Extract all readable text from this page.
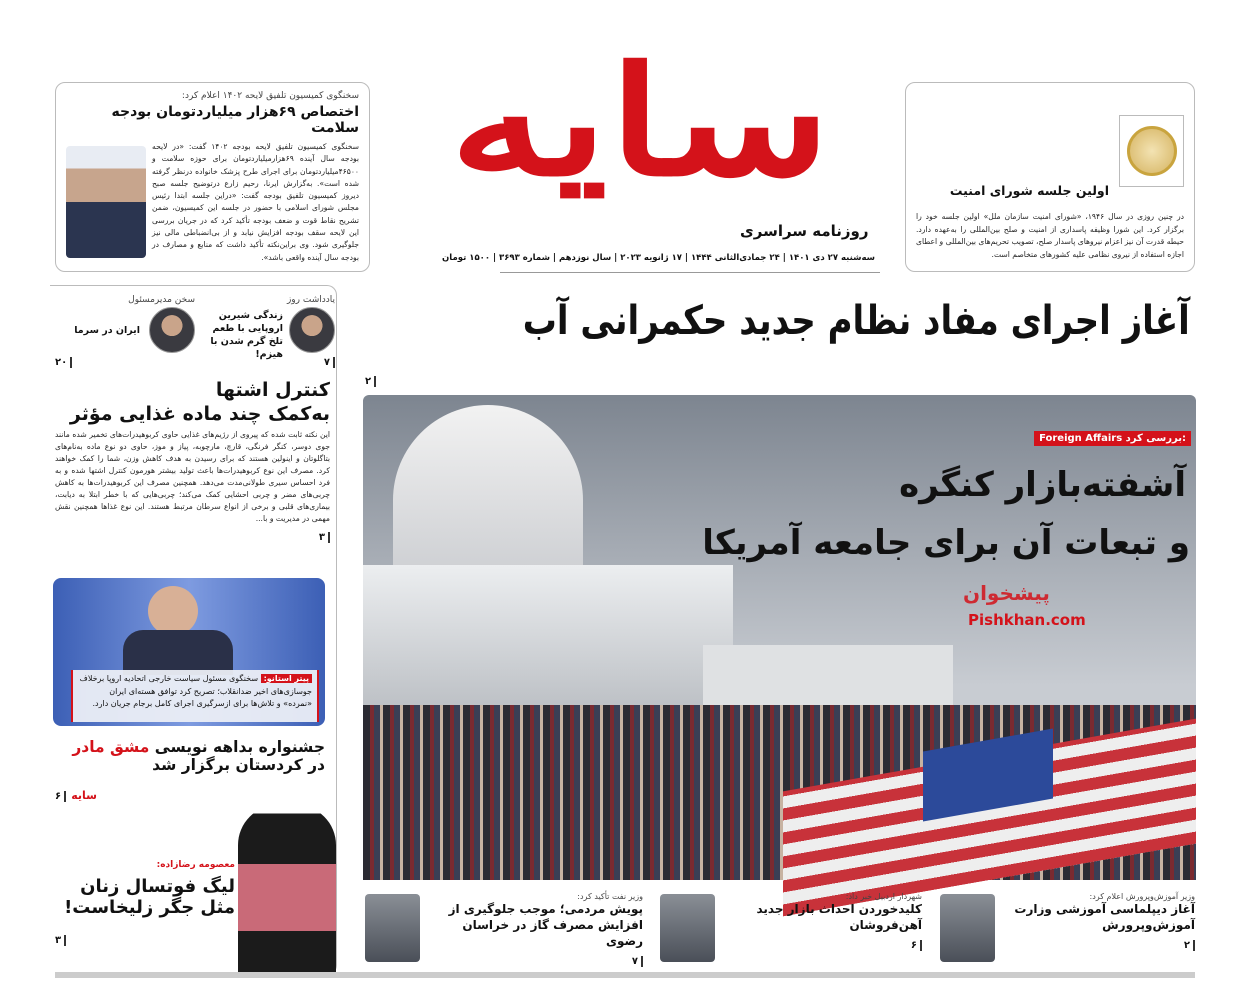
سایه
روزنامه سراسری
سه‌شنبه ۲۷ دی ۱۴۰۱ | ۲۴ جمادی‌الثانی ۱۴۴۴ | ۱۷ ژانویه ۲۰۲۳ | سال نوزدهم | شماره ۳۶۹۳ | ۱۵۰۰ تومان
سخنگوی کمیسیون تلفیق لایحه ۱۴۰۲ اعلام کرد:
اختصاص ۶۹هزار میلیاردتومان بودجه سلامت
سخنگوی کمیسیون تلفیق لایحه بودجه ۱۴۰۲ گفت: «در لایحه بودجه سال آینده ۶۹هزارمیلیاردتومان برای حوزه سلامت و ۴۶۵۰۰میلیاردتومان برای اجرای طرح پزشک خانواده درنظر گرفته شده است». به‌گزارش ایرنا، رحیم زارع درتوضیح جلسه صبح دیروز کمیسیون تلفیق بودجه گفت: «دراین جلسه ابتدا رئیس مجلس شورای اسلامی با حضور در جلسه این کمیسیون، ضمن تشریح نقاط قوت و ضعف بودجه تأکید کرد که در جریان بررسی این لایحه سقف بودجه افزایش نیابد و از بی‌انضباطی مالی نیز جلوگیری شود. وی براین‌نکته تأکید داشت که منابع و مصارف در بودجه سال آینده واقعی باشد».
اولین جلسه شورای امنیت
در چنین روزی در سال ۱۹۴۶، «شورای امنیت سازمان ملل» اولین جلسه خود را برگزار کرد. این شورا وظیفه پاسداری از امنیت و صلح بین‌المللی را به‌عهده دارد. حیطه قدرت آن نیز اعزام نیروهای پاسدار صلح، تصویب تحریم‌های بین‌المللی و اعطای اجازه استفاده از نیروی نظامی علیه کشورهای متخاصم است.
آغاز اجرای مفاد نظام جدید حکمرانی آب
۲
Foreign Affairs بررسی کرد:
آشفته‌بازار کنگره
و تبعات آن برای جامعه آمریکا
پیشخوان
Pishkhan.com
یادداشت روز
زندگی شیرین اروپایی با طعم تلخ گرم شدن با هیزم!
۷
سخن مدیرمسئول
ایران در سرما
۲۰
کنترل اشتها
به‌کمک چند ماده غذایی مؤثر
این نکته ثابت شده که پیروی از رژیم‌های غذایی حاوی کربوهیدرات‌های تخمیر شده مانند جوی دوسر، کنگر فرنگی، قارچ، مارچوبه، پیاز و موز، حاوی دو نوع ماده به‌نام‌های بتاگلوتان و اینولین هستند که برای رسیدن به هدف کاهش وزن، شما را کمک خواهند کرد. مصرف این نوع کربوهیدرات‌ها باعث تولید بیشتر هورمون کنترل اشتها شده و به فرد احساس سیری طولانی‌مدت می‌دهد. همچنین مصرف این کربوهیدرات‌ها به کاهش چربی‌های مضر و چربی احشایی کمک می‌کند؛ چربی‌هایی که با خطر ابتلا به دیابت، بیماری‌های قلبی و برخی از انواع سرطان مرتبط هستند. این نوع غذاها همچنین نقش مهمی در مدیریت و با...
۳
پیتر استانو: سخنگوی مسئول سیاست خارجی اتحادیه اروپا برخلاف جوسازی‌های اخیر ضدانقلاب؛ تصریح کرد توافق هسته‌ای ایران «نمرده» و تلاش‌ها برای ازسرگیری اجرای کامل برجام جریان دارد.
جشنواره بداهه نویسی مشق مادر
در کردستان برگزار شد
۶ سایه
معصومه رضازاده:
لیگ فوتسال زنان
مثل جگر زلیخاست!
۳
وزیر آموزش‌وپرورش اعلام کرد:
آغاز دیپلماسی آموزشی وزارت آموزش‌وپرورش
۲
شهردار اردبیل خبر داد:
کلیدخوردن احداث بازار جدید آهن‌فروشان
۶
وزیر نفت تأکید کرد:
پویش مردمی؛ موجب جلوگیری از افزایش مصرف گاز در خراسان رضوی
۷
